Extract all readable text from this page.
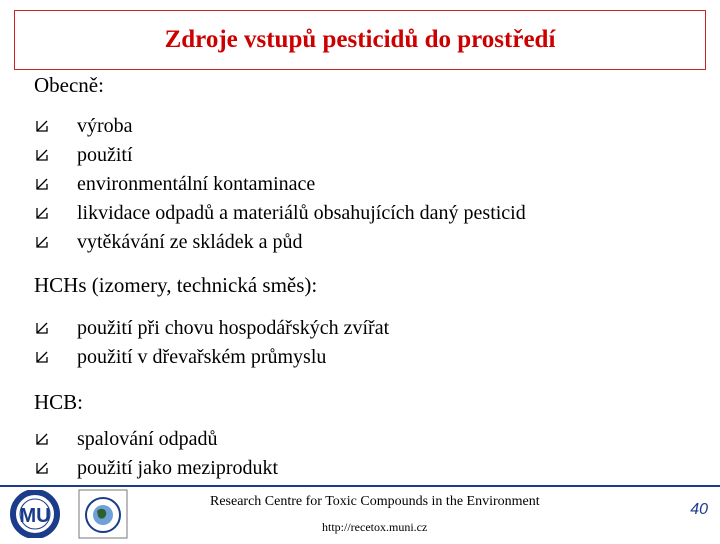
Zdroje vstupů pesticidů do prostředí
Obecně:
výroba
použití
environmentální kontaminace
likvidace odpadů a materiálů obsahujících daný pesticid
vytěkávání ze skládek a půd
HCHs (izomery, technická směs):
použití při chovu hospodářských zvířat
použití v dřevařském průmyslu
HCB:
spalování odpadů
použití jako meziprodukt
MU
Research Centre for Toxic Compounds in the Environment
http://recetox.muni.cz
40
